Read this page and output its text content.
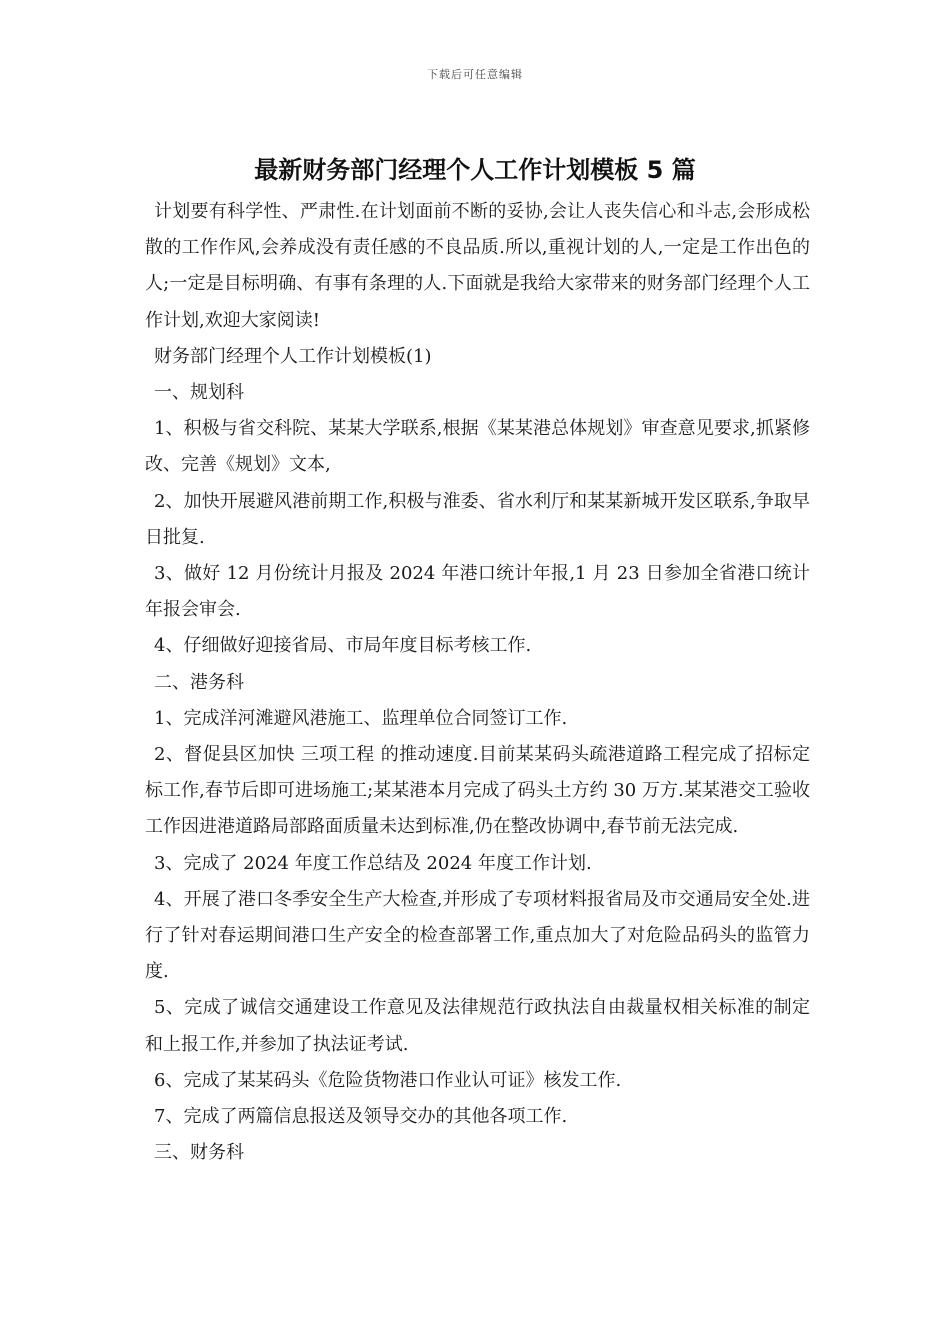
下载后可任意编辑
最新财务部门经理个人工作计划模板 5 篇

计划要有科学性、严肃性.在计划面前不断的妥协,会让人丧失信心和斗志,会形成松散的工作作风,会养成没有责任感的不良品质.所以,重视计划的人,一定是工作出色的人;一定是目标明确、有事有条理的人.下面就是我给大家带来的财务部门经理个人工作计划,欢迎大家阅读!

财务部门经理个人工作计划模板(1)

一、规划科

1、积极与省交科院、某某大学联系,根据《某某港总体规划》审查意见要求,抓紧修改、完善《规划》文本,

2、加快开展避风港前期工作,积极与淮委、省水利厅和某某新城开发区联系,争取早日批复.

3、做好 12 月份统计月报及 2024 年港口统计年报,1 月 23 日参加全省港口统计年报会审会.

4、仔细做好迎接省局、市局年度目标考核工作.

二、港务科

1、完成洋河滩避风港施工、监理单位合同签订工作.

2、督促县区加快 三项工程 的推动速度.目前某某码头疏港道路工程完成了招标定标工作,春节后即可进场施工;某某港本月完成了码头土方约 30 万方.某某港交工验收工作因进港道路局部路面质量未达到标准,仍在整改协调中,春节前无法完成.

3、完成了 2024 年度工作总结及 2024 年度工作计划.

4、开展了港口冬季安全生产大检查,并形成了专项材料报省局及市交通局安全处.进行了针对春运期间港口生产安全的检查部署工作,重点加大了对危险品码头的监管力度.

5、完成了诚信交通建设工作意见及法律规范行政执法自由裁量权相关标准的制定和上报工作,并参加了执法证考试.

6、完成了某某码头《危险货物港口作业认可证》核发工作.

7、完成了两篇信息报送及领导交办的其他各项工作.

三、财务科
